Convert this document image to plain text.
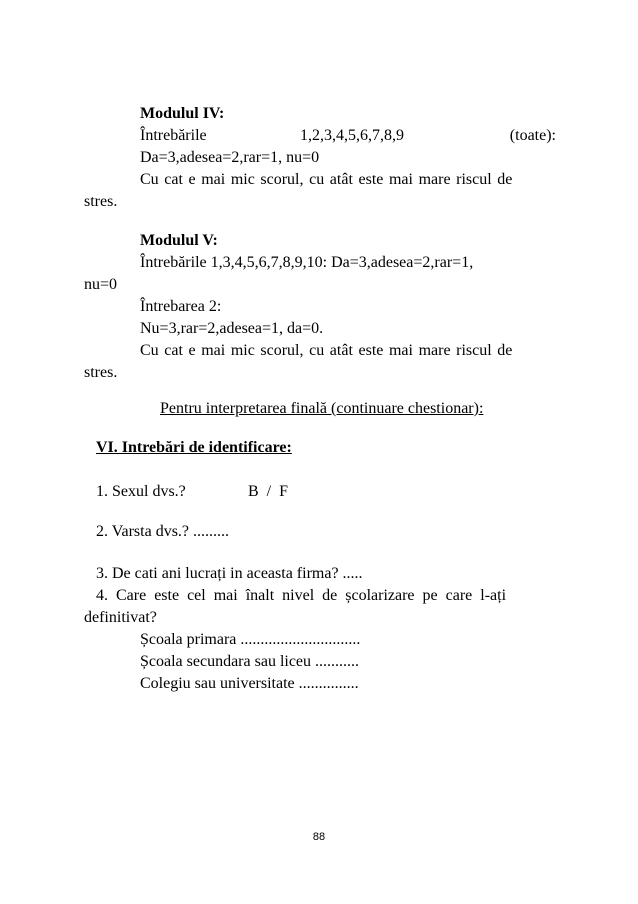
Modulul IV:
Întrebările	1,2,3,4,5,6,7,8,9	(toate):
Da=3,adesea=2,rar=1, nu=0
Cu cat e mai mic scorul, cu atât este mai mare riscul de
stres.
Modulul V:
Întrebările 1,3,4,5,6,7,8,9,10: Da=3,adesea=2,rar=1,
nu=0
Întrebarea 2:
Nu=3,rar=2,adesea=1, da=0.
Cu cat e mai mic scorul, cu atât este mai mare riscul de
stres.
Pentru interpretarea finală (continuare chestionar):
VI. Intrebări de identificare:
1. Sexul dvs.?	B  /  F
2. Varsta dvs.? .........
3. De cati ani lucrați in aceasta firma? .....
4.  Care  este  cel  mai  înalt  nivel  de  școlarizare  pe  care  l-ați
definitivat?
Școala primara ..............................
Școala secundara sau liceu ...........
Colegiu sau universitate ...............
88
